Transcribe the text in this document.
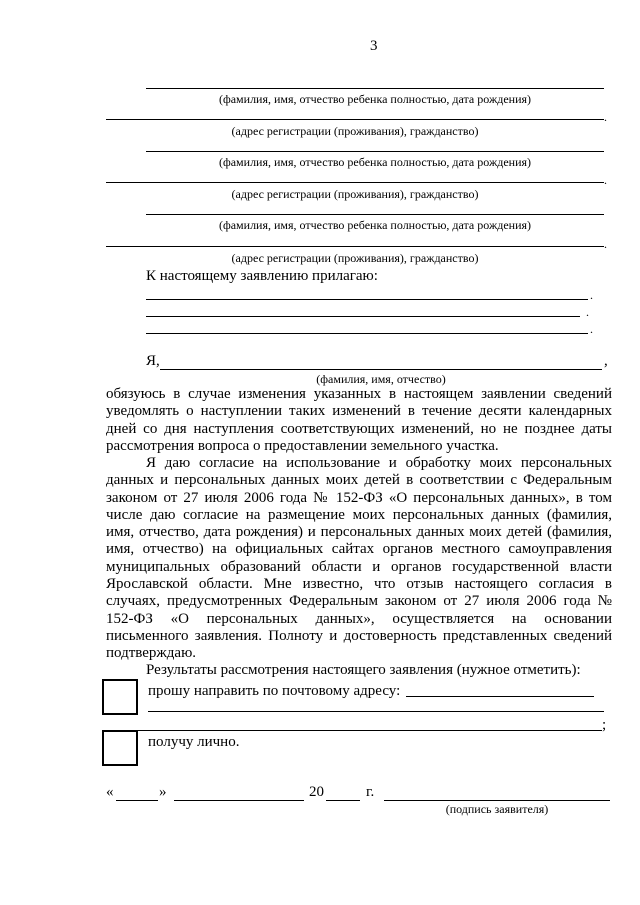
3
(фамилия, имя, отчество ребенка полностью, дата рождения)
.
(адрес регистрации (проживания), гражданство)
(фамилия, имя, отчество ребенка полностью, дата рождения)
.
(адрес регистрации (проживания), гражданство)
(фамилия, имя, отчество ребенка полностью, дата рождения)
.
(адрес регистрации (проживания), гражданство)
К настоящему заявлению прилагаю:
.
.
.
Я,	,
(фамилия, имя, отчество)

обязуюсь в случае изменения указанных в настоящем заявлении сведений уведомлять о наступлении таких изменений в течение десяти календарных дней со дня наступления соответствующих изменений, но не позднее даты рассмотрения вопроса о предоставлении земельного участка.

Я даю согласие на использование и обработку моих персональных данных и персональных данных моих детей в соответствии с Федеральным законом от 27 июля 2006 года № 152-ФЗ «О персональных данных», в том числе даю согласие на размещение моих персональных данных (фамилия, имя, отчество, дата рождения) и персональных данных моих детей (фамилия, имя, отчество) на официальных сайтах органов местного самоуправления муниципальных образований области и органов государственной власти Ярославской области. Мне известно, что отзыв настоящего согласия в случаях, предусмотренных Федеральным законом от 27 июля 2006 года № 152-ФЗ «О персональных данных», осуществляется на основании письменного заявления. Полноту и достоверность представленных сведений подтверждаю.

Результаты рассмотрения настоящего заявления (нужное отметить):
прошу направить по почтовому адресу:
;
получу лично.
«	»	20	г.
(подпись заявителя)
